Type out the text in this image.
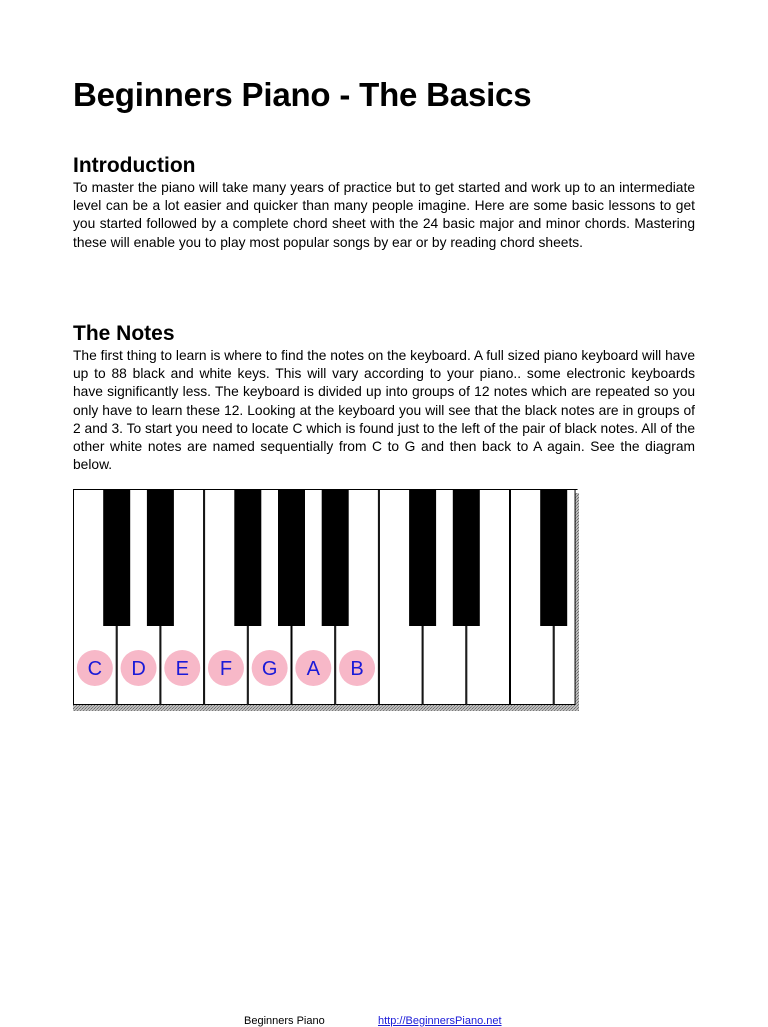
Beginners Piano - The Basics
Introduction

To master the piano will take many years of practice but to get started and work up to an intermediate level can be a lot easier and quicker than many people imagine. Here are some basic lessons to get you started followed by a complete chord sheet with the 24 basic major and minor chords. Mastering these will enable you to play most popular songs by ear or by reading chord sheets.

The Notes

The first thing to learn is where to find the notes on the keyboard. A full sized piano keyboard will have up to 88 black and white keys. This will vary according to your piano.. some electronic keyboards have significantly less. The keyboard is divided up into groups of 12 notes which are repeated so you only have to learn these 12. Looking at the keyboard you will see that the black notes are in groups of 2 and 3. To start you need to locate C which is found just to the left of the pair of black notes. All of the other white notes are named sequentially from C to G and then back to A again. See the diagram below.

C D E F G A B
Beginners Piano	http://BeginnersPiano.net
